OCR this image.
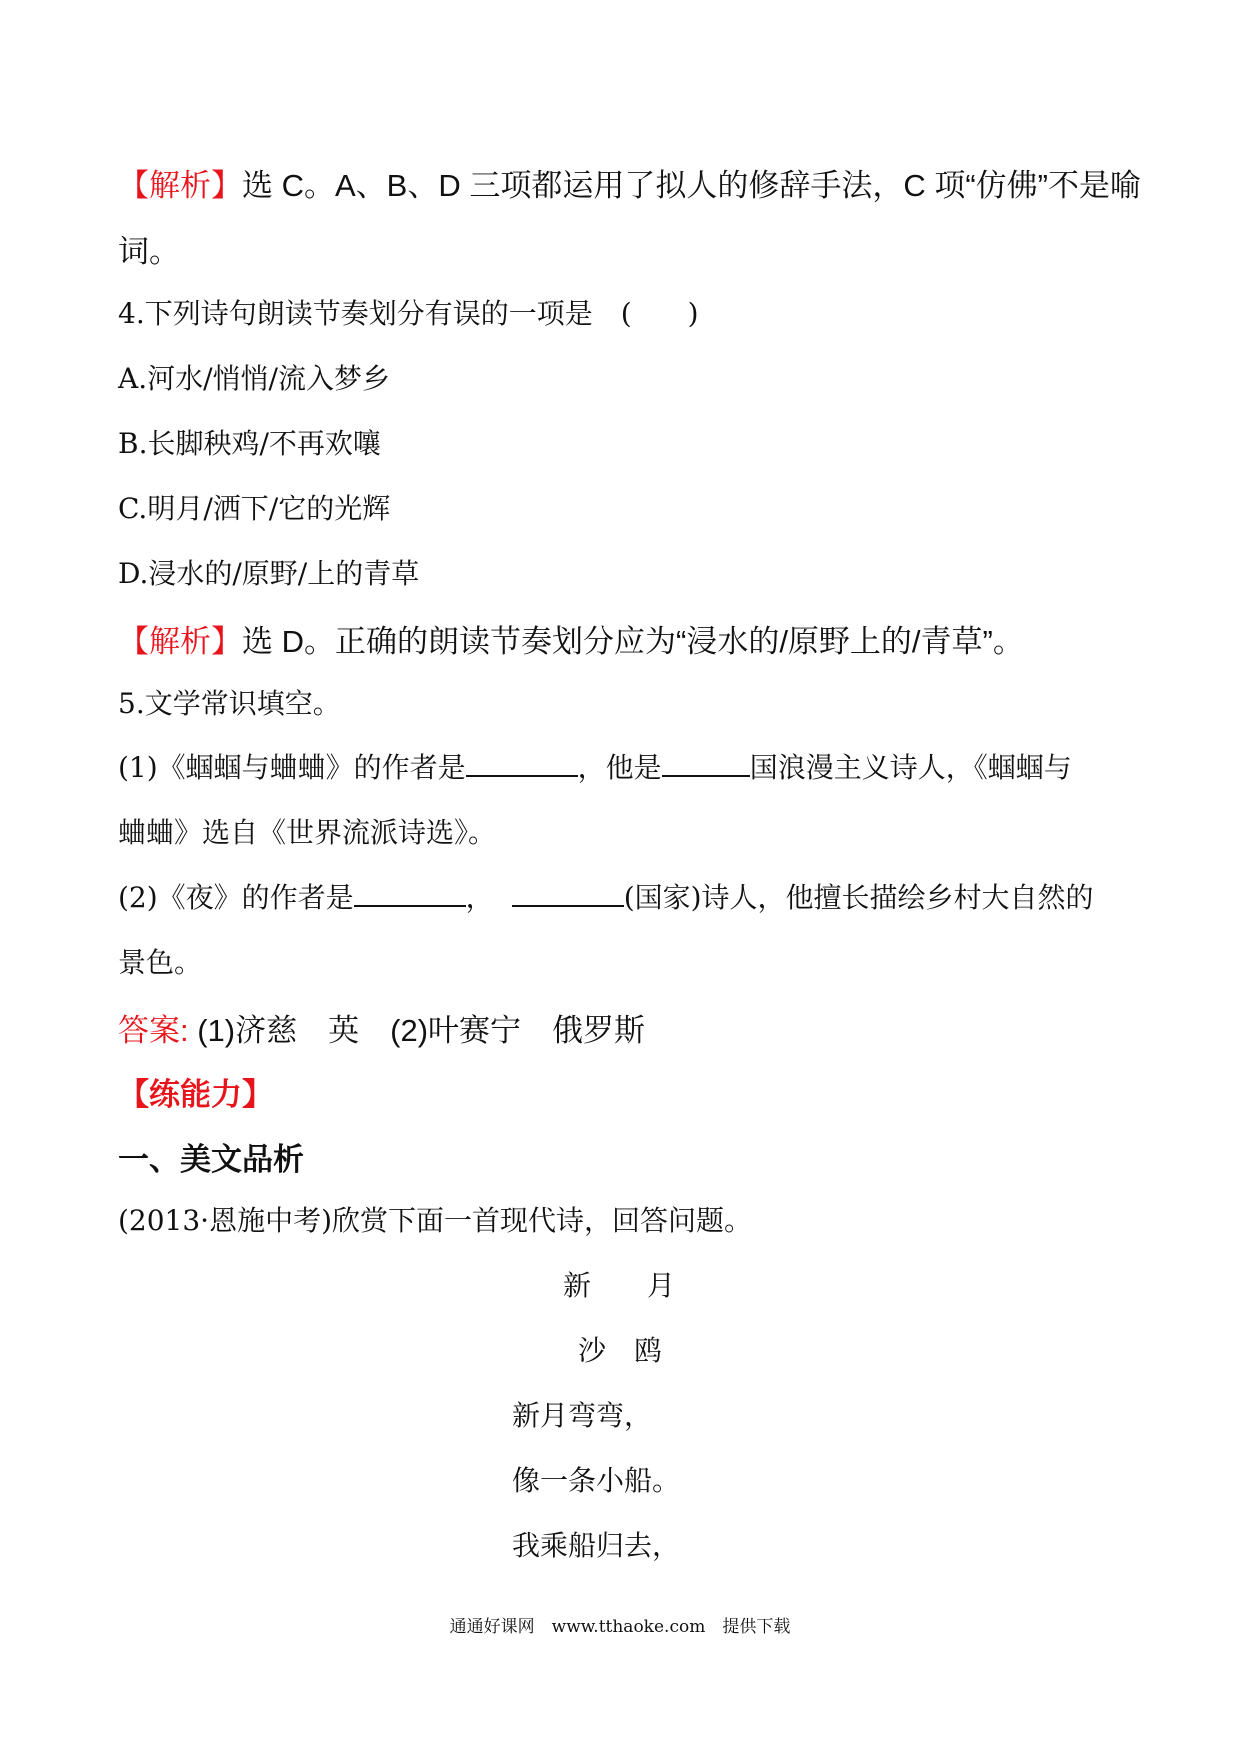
【解析】选 C。A、B、D 三项都运用了拟人的修辞手法，C 项“仿佛”不是喻
词。
4.下列诗句朗读节奏划分有误的一项是　(　　)
A.河水/悄悄/流入梦乡
B.长脚秧鸡/不再欢嚷
C.明月/洒下/它的光辉
D.浸水的/原野/上的青草
【解析】选 D。正确的朗读节奏划分应为“浸水的/原野上的/青草”。
5.文学常识填空。
(1)《蝈蝈与蛐蛐》的作者是	，他是	国浪漫主义诗人，《蝈蝈与
蛐蛐》选自《世界流派诗选》。
(2)《夜》的作者是	，	(国家)诗人，他擅长描绘乡村大自然的
景色。
答案: (1)济慈　英　(2)叶赛宁　俄罗斯
【练能力】
一、美文品析
(2013·恩施中考)欣赏下面一首现代诗，回答问题。
新　　月
沙　鸥
新月弯弯，
像一条小船。
我乘船归去，
通通好课网　www.tthaoke.com　提供下载
